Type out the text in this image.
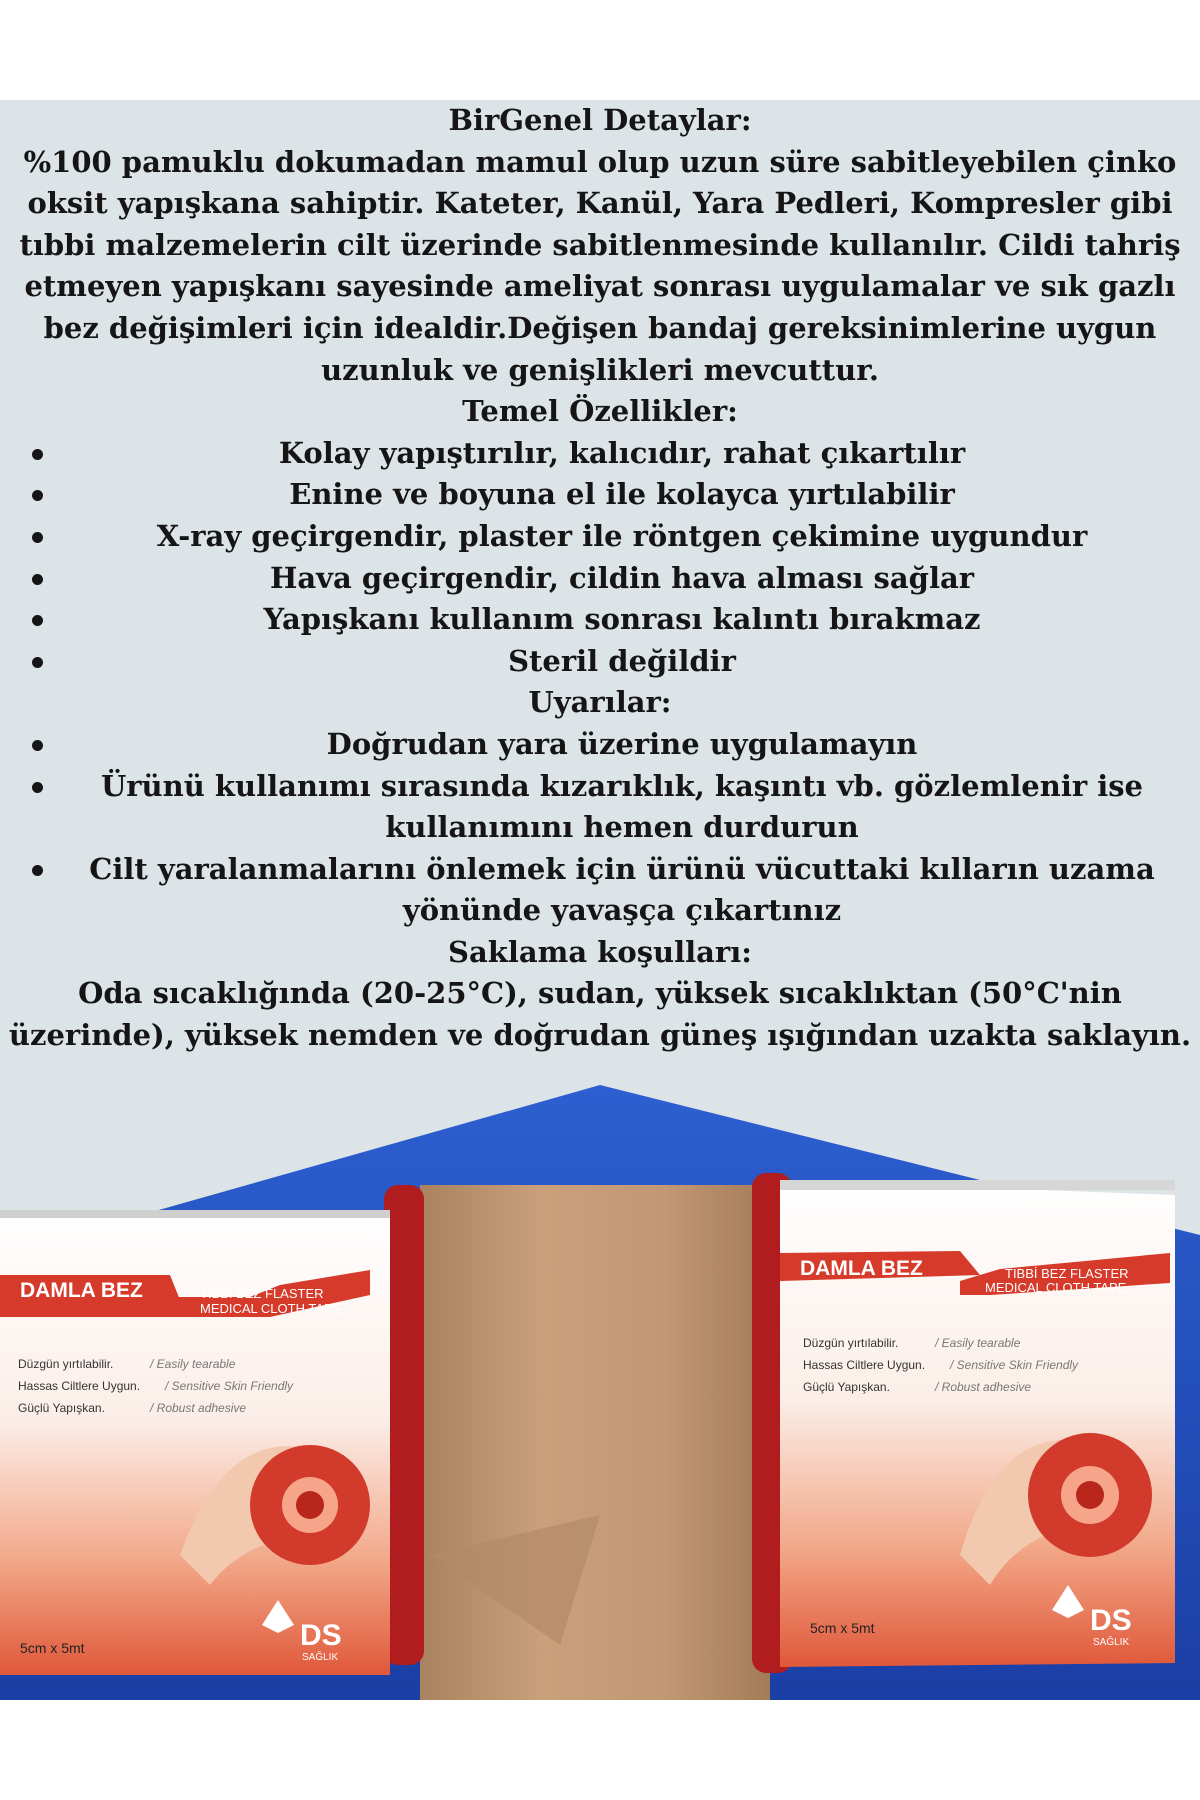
BirGenel Detaylar:

%100 pamuklu dokumadan mamul olup uzun süre sabitleyebilen çinko oksit yapışkana sahiptir. Kateter, Kanül, Yara Pedleri, Kompresler gibi tıbbi malzemelerin cilt üzerinde sabitlenmesinde kullanılır. Cildi tahriş etmeyen yapışkanı sayesinde ameliyat sonrası uygulamalar ve sık gazlı bez değişimleri için idealdir.Değişen bandaj gereksinimlerine uygun uzunluk ve genişlikleri mevcuttur.

Temel Özellikler:

Kolay yapıştırılır, kalıcıdır, rahat çıkartılır
Enine ve boyuna el ile kolayca yırtılabilir
X-ray geçirgendir, plaster ile röntgen çekimine uygundur
Hava geçirgendir, cildin hava alması sağlar
Yapışkanı kullanım sonrası kalıntı bırakmaz
Steril değildir

Uyarılar:

Doğrudan yara üzerine uygulamayın
Ürünü kullanımı sırasında kızarıklık, kaşıntı vb. gözlemlenir ise kullanımını hemen durdurun
Cilt yaralanmalarını önlemek için ürünü vücuttaki kılların uzama yönünde yavaşça çıkartınız

Saklama koşulları:

Oda sıcaklığında (20-25°C), sudan, yüksek sıcaklıktan (50°C'nin üzerinde), yüksek nemden ve doğrudan güneş ışığından uzakta saklayın.

DAMLA BEZ	TIBBİ BEZ FLASTER
MEDICAL CLOTH TAPE
Düzgün yırtılabilir.	/ Easily tearable
Hassas Ciltlere Uygun. / Sensitive Skin Friendly
Güçlü Yapışkan.	/ Robust adhesive
5cm x 5mt	DS
SAĞLIK
DAMLA BEZ	TIBBİ BEZ FLASTER
MEDICAL CLOTH TAPE
Düzgün yırtılabilir.	/ Easily tearable
Hassas Ciltlere Uygun. / Sensitive Skin Friendly
Güçlü Yapışkan.	/ Robust adhesive
5cm x 5mt	DS
SAĞLIK
